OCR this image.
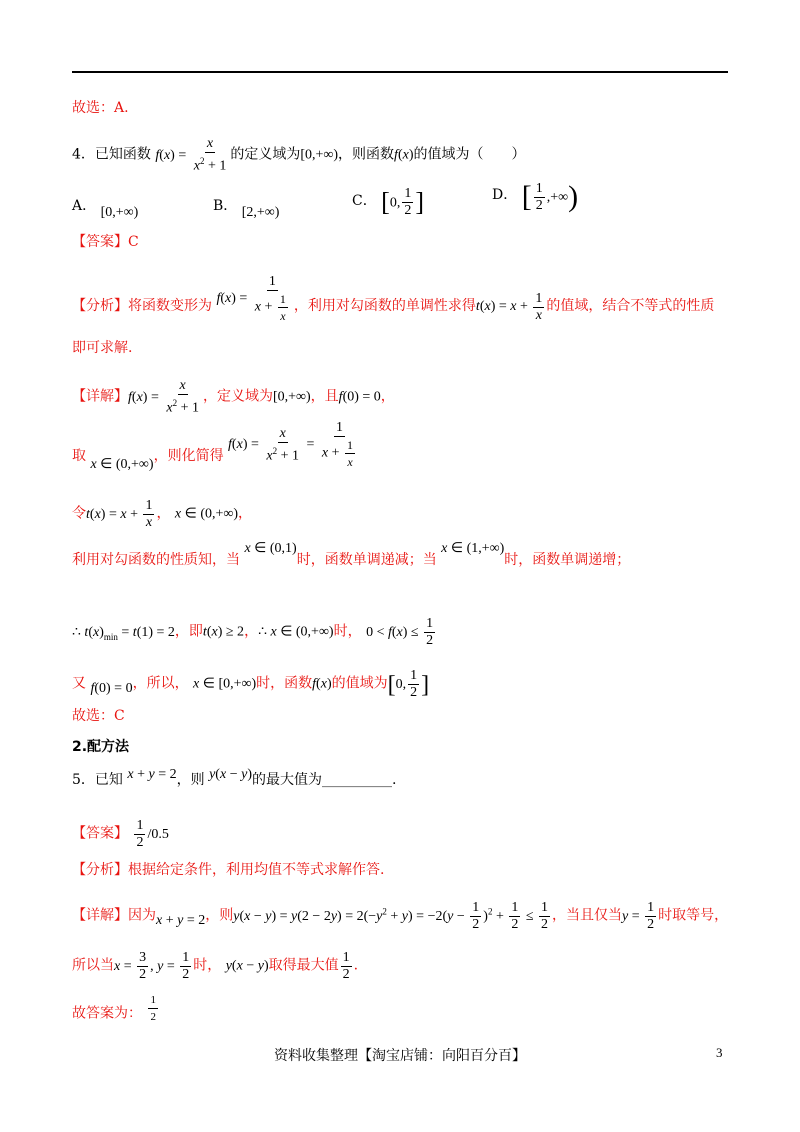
故选：A.
4．已知函数 $f(x) = \frac{x}{x^2 + 1}$ 的定义域为[0,+∞)，则函数f(x)的值域为（　　）
A． [0,+∞)	B． [2,+∞)
C． [0, $\frac{1}{2}$ ]	D． [ $\frac{1}{2}$ ,+∞)
【答案】C
【分析】将函数变形为 $f(x) = \frac{1}{x + \frac{1}{x}}$ ，利用对勾函数的单调性求得$t(x) = x + \frac{1}{x}$ 的值域，结合不等式的性质
即可求解.
【详解】$f(x) = \frac{x}{x^2 + 1}$ ，定义域为[0,+∞)，且f(0) = 0，
取 x ∈ (0,+∞)，则化简得 $f(x) = \frac{x}{x^2 + 1} = \frac{1}{x + \frac{1}{x}}$
令$t(x) = x + \frac{1}{x}$ ， x ∈ (0,+∞)，
利用对勾函数的性质知，当 x ∈ (0,1)时，函数单调递减；当 x ∈ (1,+∞)时，函数单调递增；
∴ $t(x)_{min} = t(1) = 2$，即t(x) ≥ 2，∴ x ∈ (0,+∞)时， $0 < f(x) \le \frac{1}{2}$
又 f(0) = 0，所以， x ∈ [0,+∞)时，函数f(x)的值域为[0, $\frac{1}{2}$ ]
故选：C
2.配方法
5．已知 x + y = 2，则 y(x − y)的最大值为__________.
【答案】 $\frac{1}{2} /0.5$
【分析】根据给定条件，利用均值不等式求解作答.
【详解】因为x + y = 2，则$y(x - y) = y(2 - 2y) = 2(-y^2 + y) = -2(y - \frac{1}{2} )^2 + \frac{1}{2} \le \frac{1}{2}$ ，当且仅当$y = \frac{1}{2}$ 时取等号，
所以当$x = \frac{3}{2}$ , $y = \frac{1}{2}$ 时， y(x − y)取得最大值 $\frac{1}{2}$ .
故答案为： $\frac{1}{2}$
资料收集整理【淘宝店铺：向阳百分百】	3
